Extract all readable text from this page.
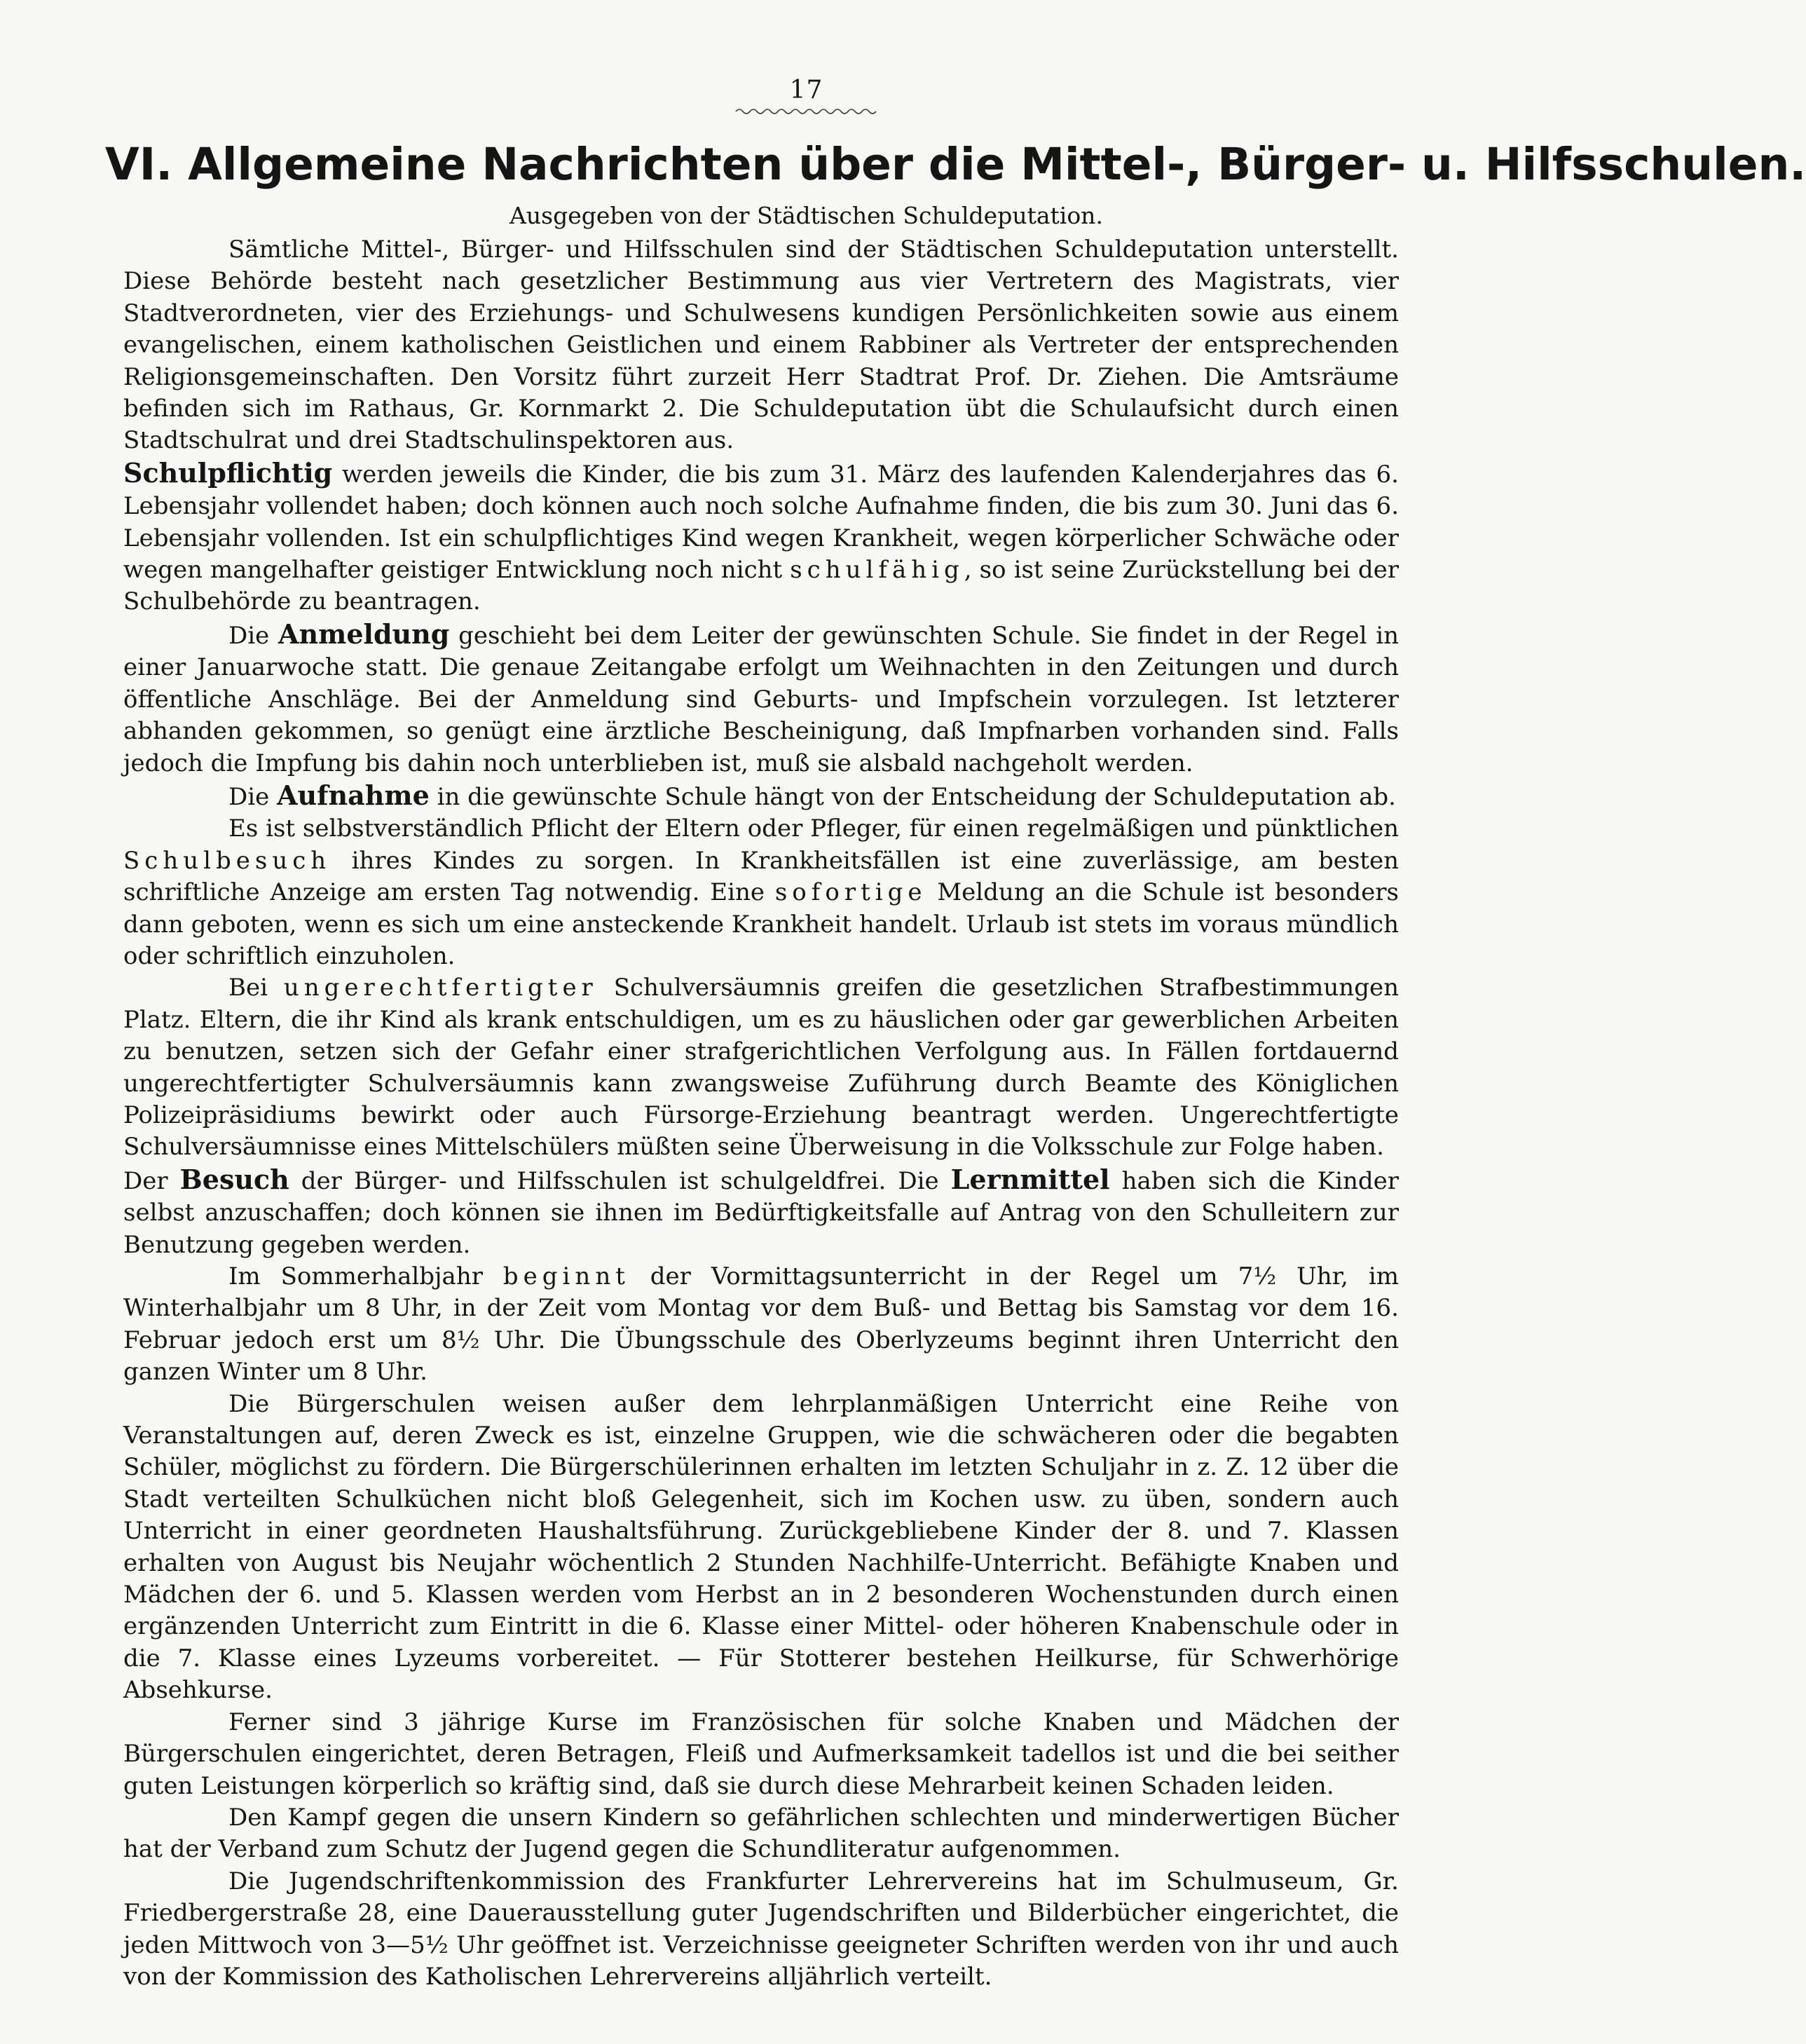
17
VI. Allgemeine Nachrichten über die Mittel-, Bürger- u. Hilfsschulen.
Ausgegeben von der Städtischen Schuldeputation.

Sämtliche Mittel-, Bürger- und Hilfsschulen sind der Städtischen Schuldeputation unterstellt. Diese Behörde besteht nach gesetzlicher Bestimmung aus vier Vertretern des Magistrats, vier Stadtverordneten, vier des Erziehungs- und Schulwesens kundigen Persönlichkeiten sowie aus einem evangelischen, einem katholischen Geistlichen und einem Rabbiner als Vertreter der entsprechenden Religionsgemeinschaften. Den Vorsitz führt zurzeit Herr Stadtrat Prof. Dr. Ziehen. Die Amtsräume befinden sich im Rathaus, Gr. Kornmarkt 2. Die Schuldeputation übt die Schulaufsicht durch einen Stadtschulrat und drei Stadtschulinspektoren aus.

Schulpflichtig werden jeweils die Kinder, die bis zum 31. März des laufenden Kalenderjahres das 6. Lebensjahr vollendet haben; doch können auch noch solche Aufnahme finden, die bis zum 30. Juni das 6. Lebensjahr vollenden. Ist ein schulpflichtiges Kind wegen Krankheit, wegen körperlicher Schwäche oder wegen mangelhafter geistiger Entwicklung noch nicht schulfähig, so ist seine Zurückstellung bei der Schulbehörde zu beantragen.

Die Anmeldung geschieht bei dem Leiter der gewünschten Schule. Sie findet in der Regel in einer Januarwoche statt. Die genaue Zeitangabe erfolgt um Weihnachten in den Zeitungen und durch öffentliche Anschläge. Bei der Anmeldung sind Geburts- und Impfschein vorzulegen. Ist letzterer abhanden gekommen, so genügt eine ärztliche Bescheinigung, daß Impfnarben vorhanden sind. Falls jedoch die Impfung bis dahin noch unterblieben ist, muß sie alsbald nachgeholt werden.

Die Aufnahme in die gewünschte Schule hängt von der Entscheidung der Schuldeputation ab.

Es ist selbstverständlich Pflicht der Eltern oder Pfleger, für einen regelmäßigen und pünktlichen Schulbesuch ihres Kindes zu sorgen. In Krankheitsfällen ist eine zuverlässige, am besten schriftliche Anzeige am ersten Tag notwendig. Eine sofortige Meldung an die Schule ist besonders dann geboten, wenn es sich um eine ansteckende Krankheit handelt. Urlaub ist stets im voraus mündlich oder schriftlich einzuholen.

Bei ungerechtfertigter Schulversäumnis greifen die gesetzlichen Strafbestimmungen Platz. Eltern, die ihr Kind als krank entschuldigen, um es zu häuslichen oder gar gewerblichen Arbeiten zu benutzen, setzen sich der Gefahr einer strafgerichtlichen Verfolgung aus. In Fällen fortdauernd ungerechtfertigter Schulversäumnis kann zwangsweise Zuführung durch Beamte des Königlichen Polizeipräsidiums bewirkt oder auch Fürsorge-Erziehung beantragt werden. Ungerechtfertigte Schulversäumnisse eines Mittelschülers müßten seine Überweisung in die Volksschule zur Folge haben.

Der Besuch der Bürger- und Hilfsschulen ist schulgeldfrei. Die Lernmittel haben sich die Kinder selbst anzuschaffen; doch können sie ihnen im Bedürftigkeitsfalle auf Antrag von den Schulleitern zur Benutzung gegeben werden.

Im Sommerhalbjahr beginnt der Vormittagsunterricht in der Regel um 7½ Uhr, im Winterhalbjahr um 8 Uhr, in der Zeit vom Montag vor dem Buß- und Bettag bis Samstag vor dem 16. Februar jedoch erst um 8½ Uhr. Die Übungsschule des Oberlyzeums beginnt ihren Unterricht den ganzen Winter um 8 Uhr.

Die Bürgerschulen weisen außer dem lehrplanmäßigen Unterricht eine Reihe von Veranstaltungen auf, deren Zweck es ist, einzelne Gruppen, wie die schwächeren oder die begabten Schüler, möglichst zu fördern. Die Bürgerschülerinnen erhalten im letzten Schuljahr in z. Z. 12 über die Stadt verteilten Schulküchen nicht bloß Gelegenheit, sich im Kochen usw. zu üben, sondern auch Unterricht in einer geordneten Haushaltsführung. Zurückgebliebene Kinder der 8. und 7. Klassen erhalten von August bis Neujahr wöchentlich 2 Stunden Nachhilfe-Unterricht. Befähigte Knaben und Mädchen der 6. und 5. Klassen werden vom Herbst an in 2 besonderen Wochenstunden durch einen ergänzenden Unterricht zum Eintritt in die 6. Klasse einer Mittel- oder höheren Knabenschule oder in die 7. Klasse eines Lyzeums vorbereitet. — Für Stotterer bestehen Heilkurse, für Schwerhörige Absehkurse.

Ferner sind 3 jährige Kurse im Französischen für solche Knaben und Mädchen der Bürgerschulen eingerichtet, deren Betragen, Fleiß und Aufmerksamkeit tadellos ist und die bei seither guten Leistungen körperlich so kräftig sind, daß sie durch diese Mehrarbeit keinen Schaden leiden.

Den Kampf gegen die unsern Kindern so gefährlichen schlechten und minderwertigen Bücher hat der Verband zum Schutz der Jugend gegen die Schundliteratur aufgenommen.

Die Jugendschriftenkommission des Frankfurter Lehrervereins hat im Schulmuseum, Gr. Friedbergerstraße 28, eine Dauerausstellung guter Jugendschriften und Bilderbücher eingerichtet, die jeden Mittwoch von 3—5½ Uhr geöffnet ist. Verzeichnisse geeigneter Schriften werden von ihr und auch von der Kommission des Katholischen Lehrervereins alljährlich verteilt.
